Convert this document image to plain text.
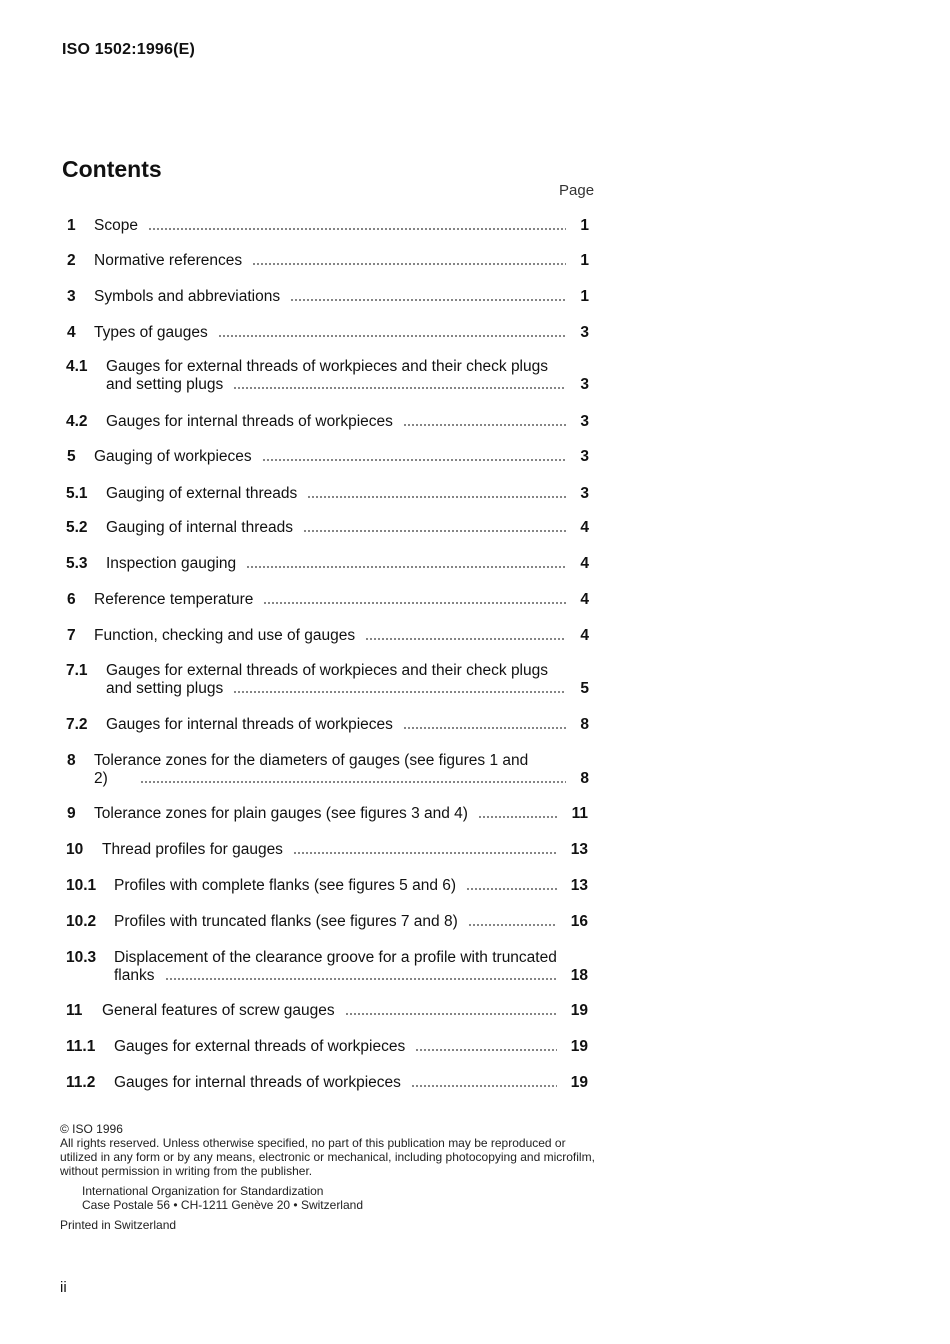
ISO 1502:1996(E)
Contents
Page
1 Scope	1
2 Normative references	1
3 Symbols and abbreviations	1
4 Types of gauges	3
4.1 Gauges for external threads of workpieces and their check plugs
and setting plugs	3
4.2 Gauges for internal threads of workpieces	3
5 Gauging of workpieces	3
5.1 Gauging of external threads	3
5.2 Gauging of internal threads	4
5.3 Inspection gauging	4
6 Reference temperature	4
7 Function, checking and use of gauges	4
7.1 Gauges for external threads of workpieces and their check plugs
and setting plugs	5
7.2 Gauges for internal threads of workpieces	8
8 Tolerance zones for the diameters of gauges (see figures 1 and
2)	8
9 Tolerance zones for plain gauges (see figures 3 and 4)	11
10 Thread profiles for gauges	13
10.1 Profiles with complete flanks (see figures 5 and 6)	13
10.2 Profiles with truncated flanks (see figures 7 and 8)	16
10.3 Displacement of the clearance groove for a profile with truncated
flanks	18
11 General features of screw gauges	19
11.1 Gauges for external threads of workpieces	19
11.2 Gauges for internal threads of workpieces	19

© ISO 1996

All rights reserved. Unless otherwise specified, no part of this publication may be reproduced or utilized in any form or by any means, electronic or mechanical, including photocopying and microfilm, without permission in writing from the publisher.

International Organization for Standardization

Case Postale 56 • CH-1211 Genève 20 • Switzerland

Printed in Switzerland

ii
